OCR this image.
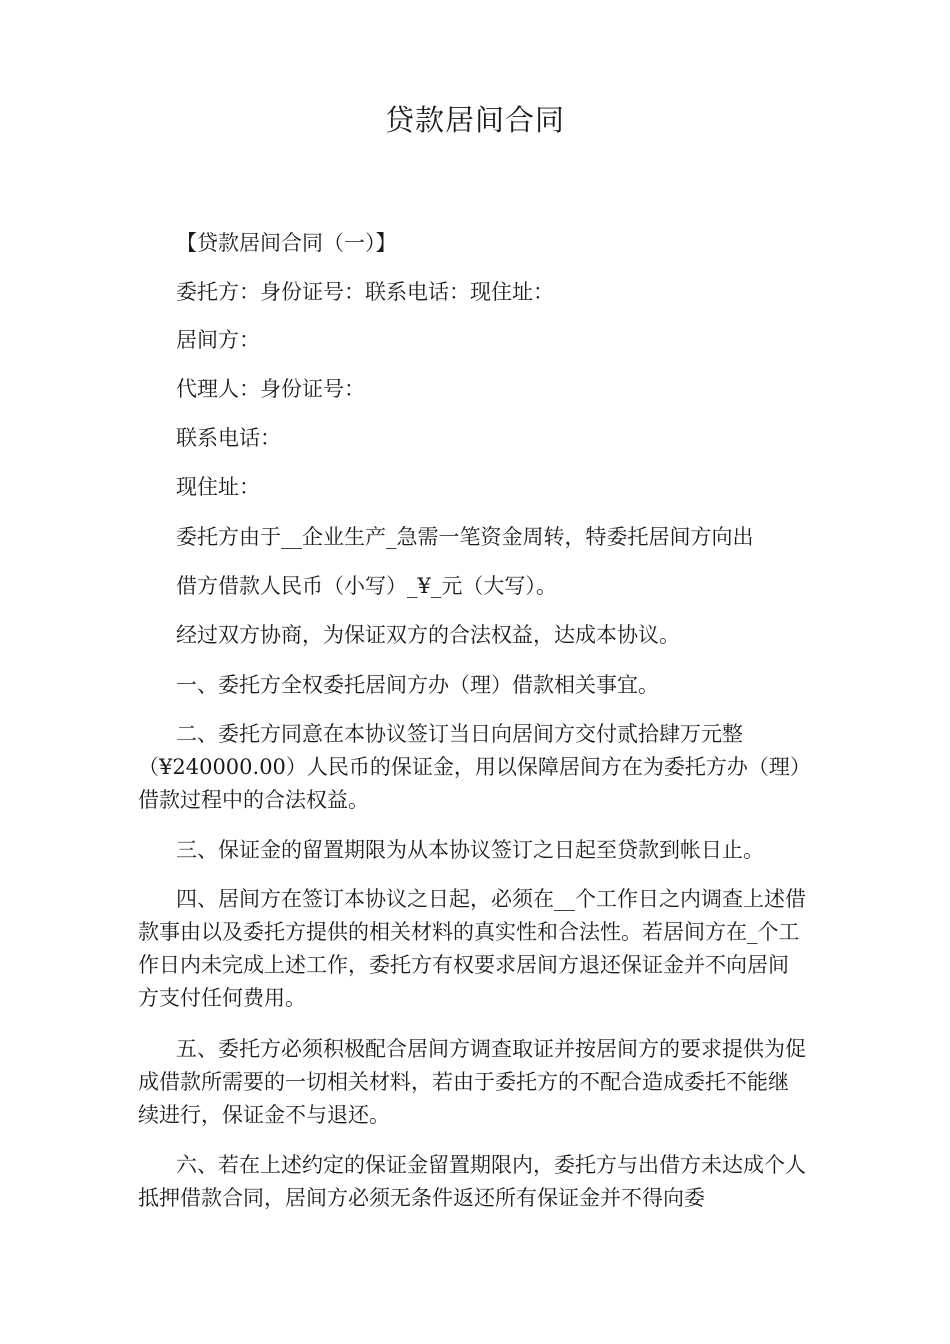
贷款居间合同
【贷款居间合同（一）】
委托方：身份证号：联系电话：现住址：
居间方：
代理人：身份证号：
联系电话：
现住址：
委托方由于__企业生产_急需一笔资金周转，特委托居间方向出
借方借款人民币（小写）_¥_元（大写）。
经过双方协商，为保证双方的合法权益，达成本协议。
一、委托方全权委托居间方办（理）借款相关事宜。
二、委托方同意在本协议签订当日向居间方交付贰拾肆万元整（¥240000.00）人民币的保证金，用以保障居间方在为委托方办（理）借款过程中的合法权益。
三、保证金的留置期限为从本协议签订之日起至贷款到帐日止。
四、居间方在签订本协议之日起，必须在__个工作日之内调查上述借款事由以及委托方提供的相关材料的真实性和合法性。若居间方在_个工作日内未完成上述工作，委托方有权要求居间方退还保证金并不向居间方支付任何费用。
五、委托方必须积极配合居间方调查取证并按居间方的要求提供为促成借款所需要的一切相关材料，若由于委托方的不配合造成委托不能继续进行，保证金不与退还。
六、若在上述约定的保证金留置期限内，委托方与出借方未达成个人抵押借款合同，居间方必须无条件返还所有保证金并不得向委
